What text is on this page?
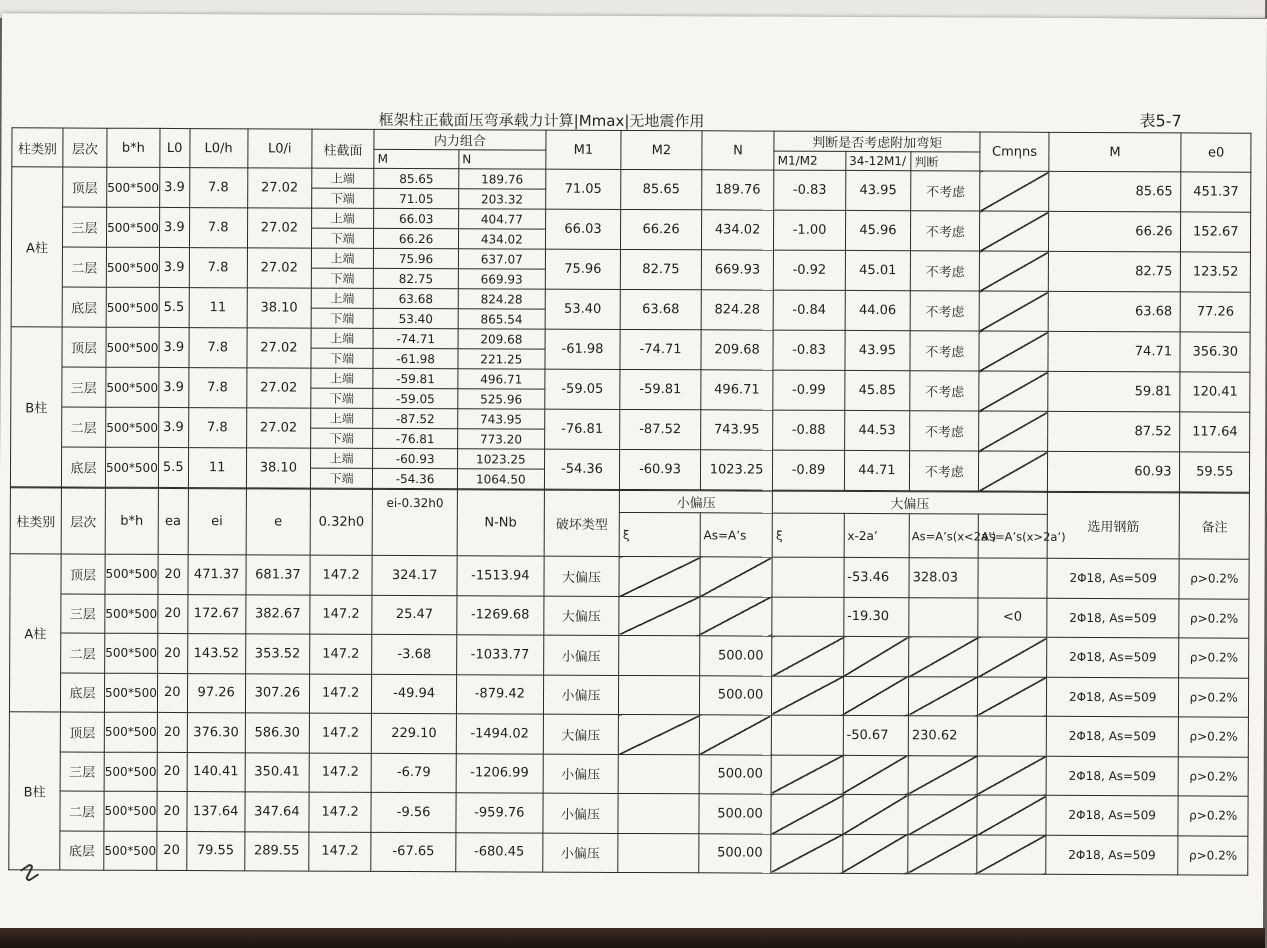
框架柱正截面压弯承载力计算|Mmax|无地震作用	表5-7
☡
柱类别	层次	b*h	L0	L0/h	L0/i	柱截面	内力组合		M1	M2	N	判断是否考虑附加弯矩			Cmηns	M	e0
							M	N				M1/M2	34-12M1/	判断			
A柱	顶层	500*500	3.9	7.8	27.02	上端	85.65	189.76	71.05	85.65	189.76	-0.83	43.95	不考虑		85.65	451.37
						下端	71.05	203.32									
	三层	500*500	3.9	7.8	27.02	上端	66.03	404.77	66.03	66.26	434.02	-1.00	45.96	不考虑		66.26	152.67
						下端	66.26	434.02									
	二层	500*500	3.9	7.8	27.02	上端	75.96	637.07	75.96	82.75	669.93	-0.92	45.01	不考虑		82.75	123.52
						下端	82.75	669.93									
	底层	500*500	5.5	11	38.10	上端	63.68	824.28	53.40	63.68	824.28	-0.84	44.06	不考虑		63.68	77.26
						下端	53.40	865.54									
B柱	顶层	500*500	3.9	7.8	27.02	上端	-74.71	209.68	-61.98	-74.71	209.68	-0.83	43.95	不考虑		74.71	356.30
						下端	-61.98	221.25									
	三层	500*500	3.9	7.8	27.02	上端	-59.81	496.71	-59.05	-59.81	496.71	-0.99	45.85	不考虑		59.81	120.41
						下端	-59.05	525.96									
	二层	500*500	3.9	7.8	27.02	上端	-87.52	743.95	-76.81	-87.52	743.95	-0.88	44.53	不考虑		87.52	117.64
						下端	-76.81	773.20									
	底层	500*500	5.5	11	38.10	上端	-60.93	1023.25	-54.36	-60.93	1023.25	-0.89	44.71	不考虑		60.93	59.55
						下端	-54.36	1064.50									
柱类别	层次	b*h	ea	ei	e	0.32h0	ei-0.32h0	N-Nb	破坏类型	小偏压		大偏压				选用钢筋	备注
										ξ	As=A’s	ξ	x-2a’	As=A’s(x<2a’)	As=A’s(x>2a’)		
A柱	顶层	500*500	20	471.37	681.37	147.2	324.17	-1513.94	大偏压				-53.46	328.03		2Φ18, As=509	ρ>0.2%
	三层	500*500	20	172.67	382.67	147.2	25.47	-1269.68	大偏压				-19.30		<0	2Φ18, As=509	ρ>0.2%
	二层	500*500	20	143.52	353.52	147.2	-3.68	-1033.77	小偏压		500.00					2Φ18, As=509	ρ>0.2%
	底层	500*500	20	97.26	307.26	147.2	-49.94	-879.42	小偏压		500.00					2Φ18, As=509	ρ>0.2%
B柱	顶层	500*500	20	376.30	586.30	147.2	229.10	-1494.02	大偏压				-50.67	230.62		2Φ18, As=509	ρ>0.2%
	三层	500*500	20	140.41	350.41	147.2	-6.79	-1206.99	小偏压		500.00					2Φ18, As=509	ρ>0.2%
	二层	500*500	20	137.64	347.64	147.2	-9.56	-959.76	小偏压		500.00					2Φ18, As=509	ρ>0.2%
	底层	500*500	20	79.55	289.55	147.2	-67.65	-680.45	小偏压		500.00					2Φ18, As=509	ρ>0.2%
